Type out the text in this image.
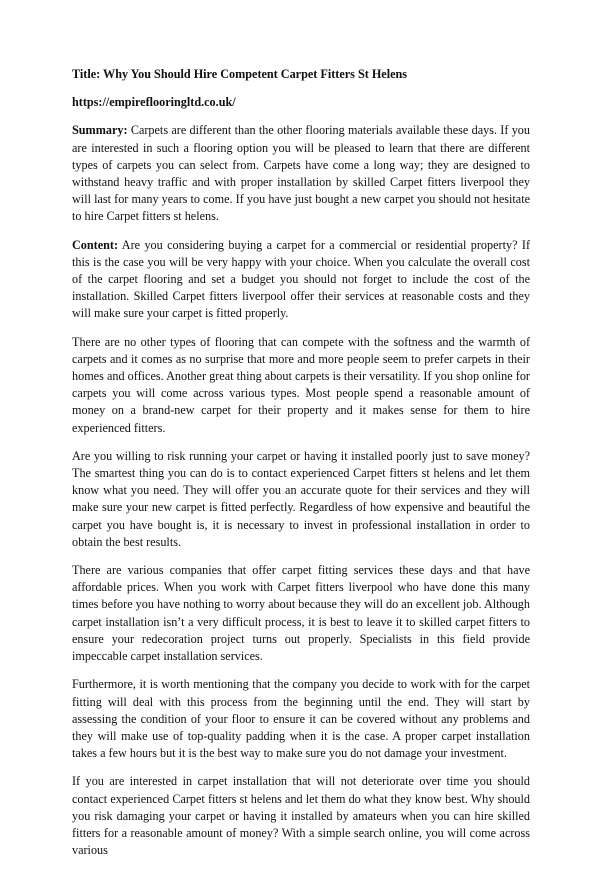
Title: Why You Should Hire Competent Carpet Fitters St Helens
https://empireflooringltd.co.uk/

Summary: Carpets are different than the other flooring materials available these days. If you are interested in such a flooring option you will be pleased to learn that there are different types of carpets you can select from. Carpets have come a long way; they are designed to withstand heavy traffic and with proper installation by skilled Carpet fitters liverpool they will last for many years to come. If you have just bought a new carpet you should not hesitate to hire Carpet fitters st helens.

Content: Are you considering buying a carpet for a commercial or residential property? If this is the case you will be very happy with your choice. When you calculate the overall cost of the carpet flooring and set a budget you should not forget to include the cost of the installation. Skilled Carpet fitters liverpool offer their services at reasonable costs and they will make sure your carpet is fitted properly.

There are no other types of flooring that can compete with the softness and the warmth of carpets and it comes as no surprise that more and more people seem to prefer carpets in their homes and offices. Another great thing about carpets is their versatility. If you shop online for carpets you will come across various types. Most people spend a reasonable amount of money on a brand-new carpet for their property and it makes sense for them to hire experienced fitters.

Are you willing to risk running your carpet or having it installed poorly just to save money? The smartest thing you can do is to contact experienced Carpet fitters st helens and let them know what you need. They will offer you an accurate quote for their services and they will make sure your new carpet is fitted perfectly. Regardless of how expensive and beautiful the carpet you have bought is, it is necessary to invest in professional installation in order to obtain the best results.

There are various companies that offer carpet fitting services these days and that have affordable prices. When you work with Carpet fitters liverpool who have done this many times before you have nothing to worry about because they will do an excellent job. Although carpet installation isn’t a very difficult process, it is best to leave it to skilled carpet fitters to ensure your redecoration project turns out properly. Specialists in this field provide impeccable carpet installation services.

Furthermore, it is worth mentioning that the company you decide to work with for the carpet fitting will deal with this process from the beginning until the end. They will start by assessing the condition of your floor to ensure it can be covered without any problems and they will make use of top-quality padding when it is the case. A proper carpet installation takes a few hours but it is the best way to make sure you do not damage your investment.

If you are interested in carpet installation that will not deteriorate over time you should contact experienced Carpet fitters st helens and let them do what they know best. Why should you risk damaging your carpet or having it installed by amateurs when you can hire skilled fitters for a reasonable amount of money? With a simple search online, you will come across various
